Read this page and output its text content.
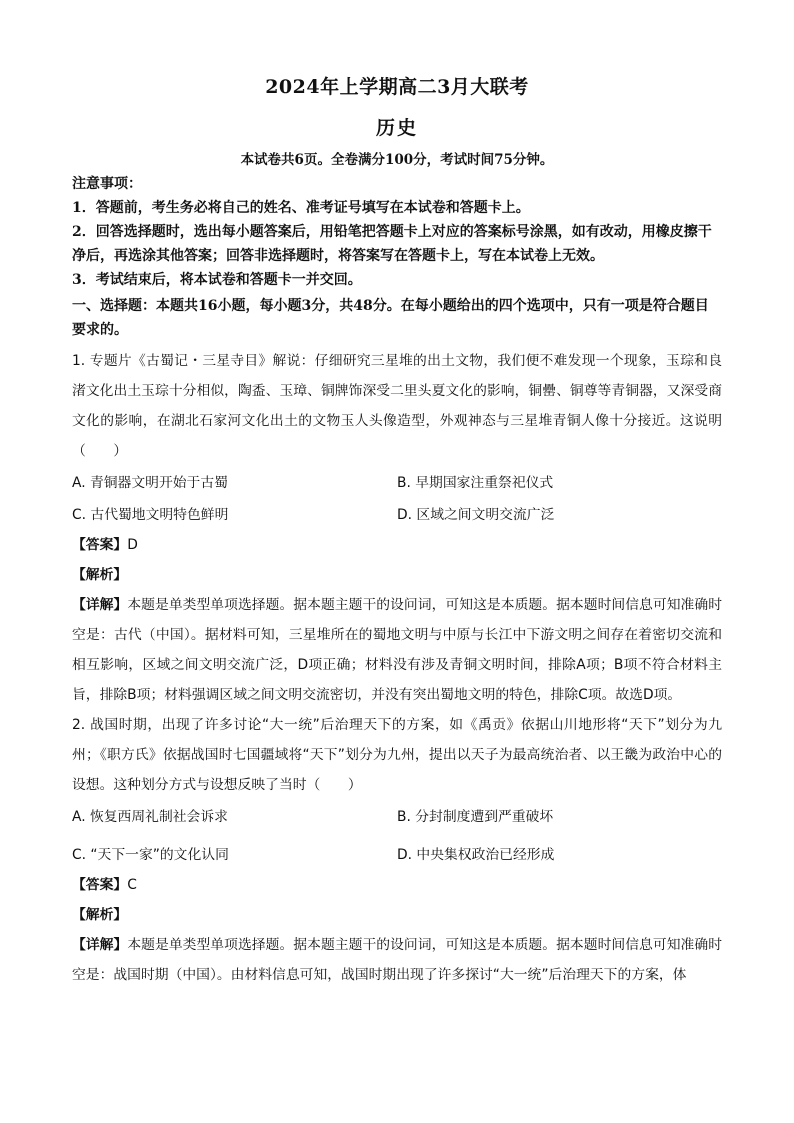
2024年上学期高二3月大联考
历史
本试卷共6页。全卷满分100分，考试时间75分钟。
注意事项：
1．答题前，考生务必将自己的姓名、准考证号填写在本试卷和答题卡上。
2．回答选择题时，选出每小题答案后，用铅笔把答题卡上对应的答案标号涂黑，如有改动，用橡皮擦干净后，再选涂其他答案；回答非选择题时，将答案写在答题卡上，写在本试卷上无效。
3．考试结束后，将本试卷和答题卡一并交回。
一、选择题：本题共16小题，每小题3分，共48分。在每小题给出的四个选项中，只有一项是符合题目要求的。
1. 专题片《古蜀记・三星寺目》解说：仔细研究三星堆的出土文物，我们便不难发现一个现象，玉琮和良渚文化出土玉琮十分相似，陶盉、玉璋、铜牌饰深受二里头夏文化的影响，铜罍、铜尊等青铜器，又深受商文化的影响，在湖北石家河文化出土的文物玉人头像造型，外观神态与三星堆青铜人像十分接近。这说明（　　）
A. 青铜器文明开始于古蜀	B. 早期国家注重祭祀仪式
C. 古代蜀地文明特色鲜明	D. 区域之间文明交流广泛
【答案】D
【解析】
【详解】本题是单类型单项选择题。据本题主题干的设问词，可知这是本质题。据本题时间信息可知准确时空是：古代（中国）。据材料可知，三星堆所在的蜀地文明与中原与长江中下游文明之间存在着密切交流和相互影响，区域之间文明交流广泛，D项正确；材料没有涉及青铜文明时间，排除A项；B项不符合材料主旨，排除B项；材料强调区域之间文明交流密切，并没有突出蜀地文明的特色，排除C项。故选D项。
2. 战国时期，出现了许多讨论“大一统”后治理天下的方案，如《禹贡》依据山川地形将“天下”划分为九州；《职方氏》依据战国时七国疆域将“天下”划分为九州，提出以天子为最高统治者、以王畿为政治中心的设想。这种划分方式与设想反映了当时（　　）
A. 恢复西周礼制社会诉求	B. 分封制度遭到严重破坏
C. “天下一家”的文化认同	D. 中央集权政治已经形成
【答案】C
【解析】
【详解】本题是单类型单项选择题。据本题主题干的设问词，可知这是本质题。据本题时间信息可知准确时空是：战国时期（中国）。由材料信息可知，战国时期出现了许多探讨“大一统”后治理天下的方案，体
